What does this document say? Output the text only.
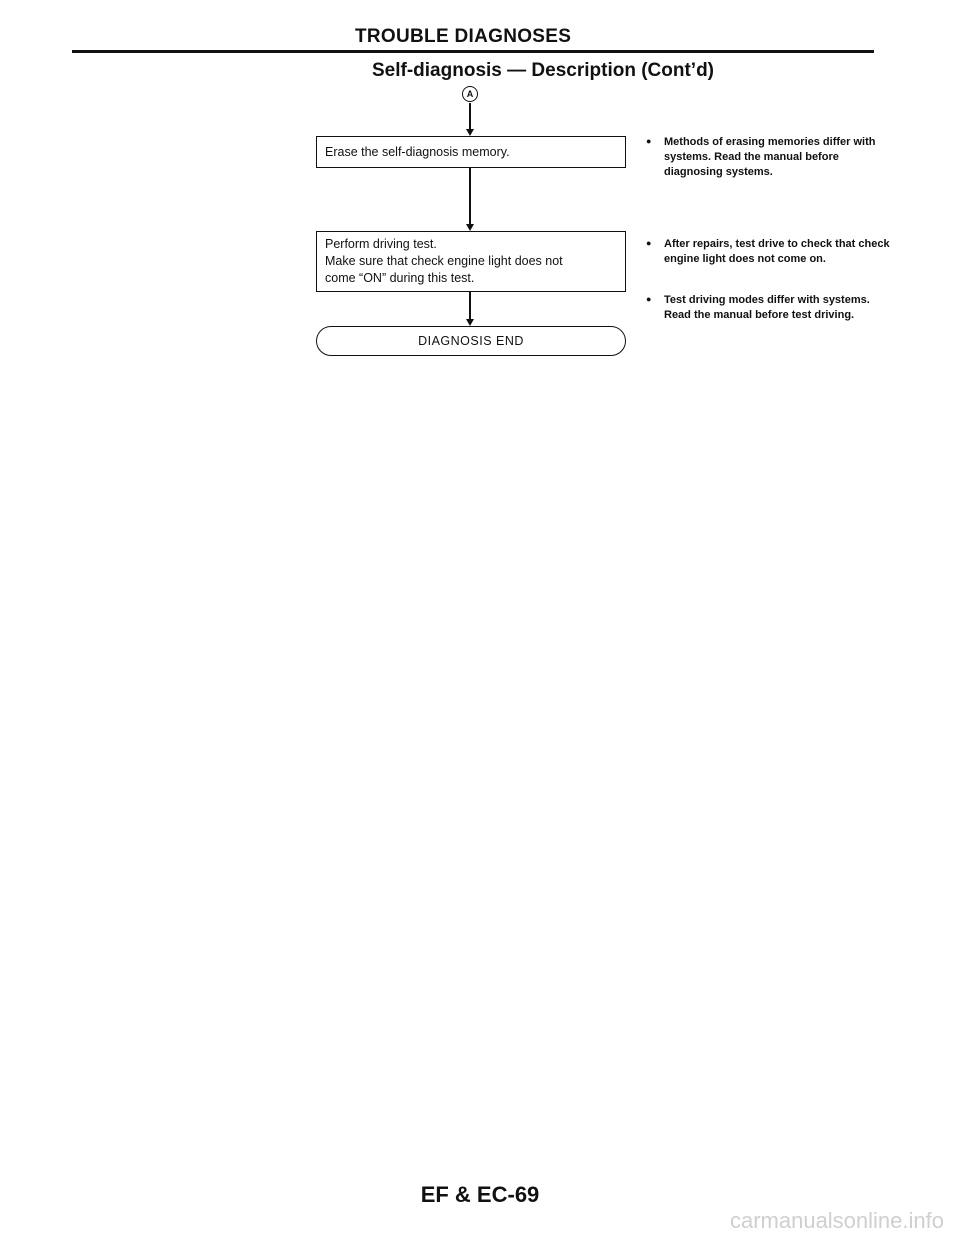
TROUBLE DIAGNOSES
Self-diagnosis — Description (Cont’d)
A
Erase the self-diagnosis memory.
Perform driving test.
Make sure that check engine light does not
come “ON” during this test.
DIAGNOSIS END
● Methods of erasing memories differ with systems. Read the manual before diagnosing systems.
● After repairs, test drive to check that check engine light does not come on.
● Test driving modes differ with systems. Read the manual before test driving.
EF & EC-69
carmanualsonline.info
